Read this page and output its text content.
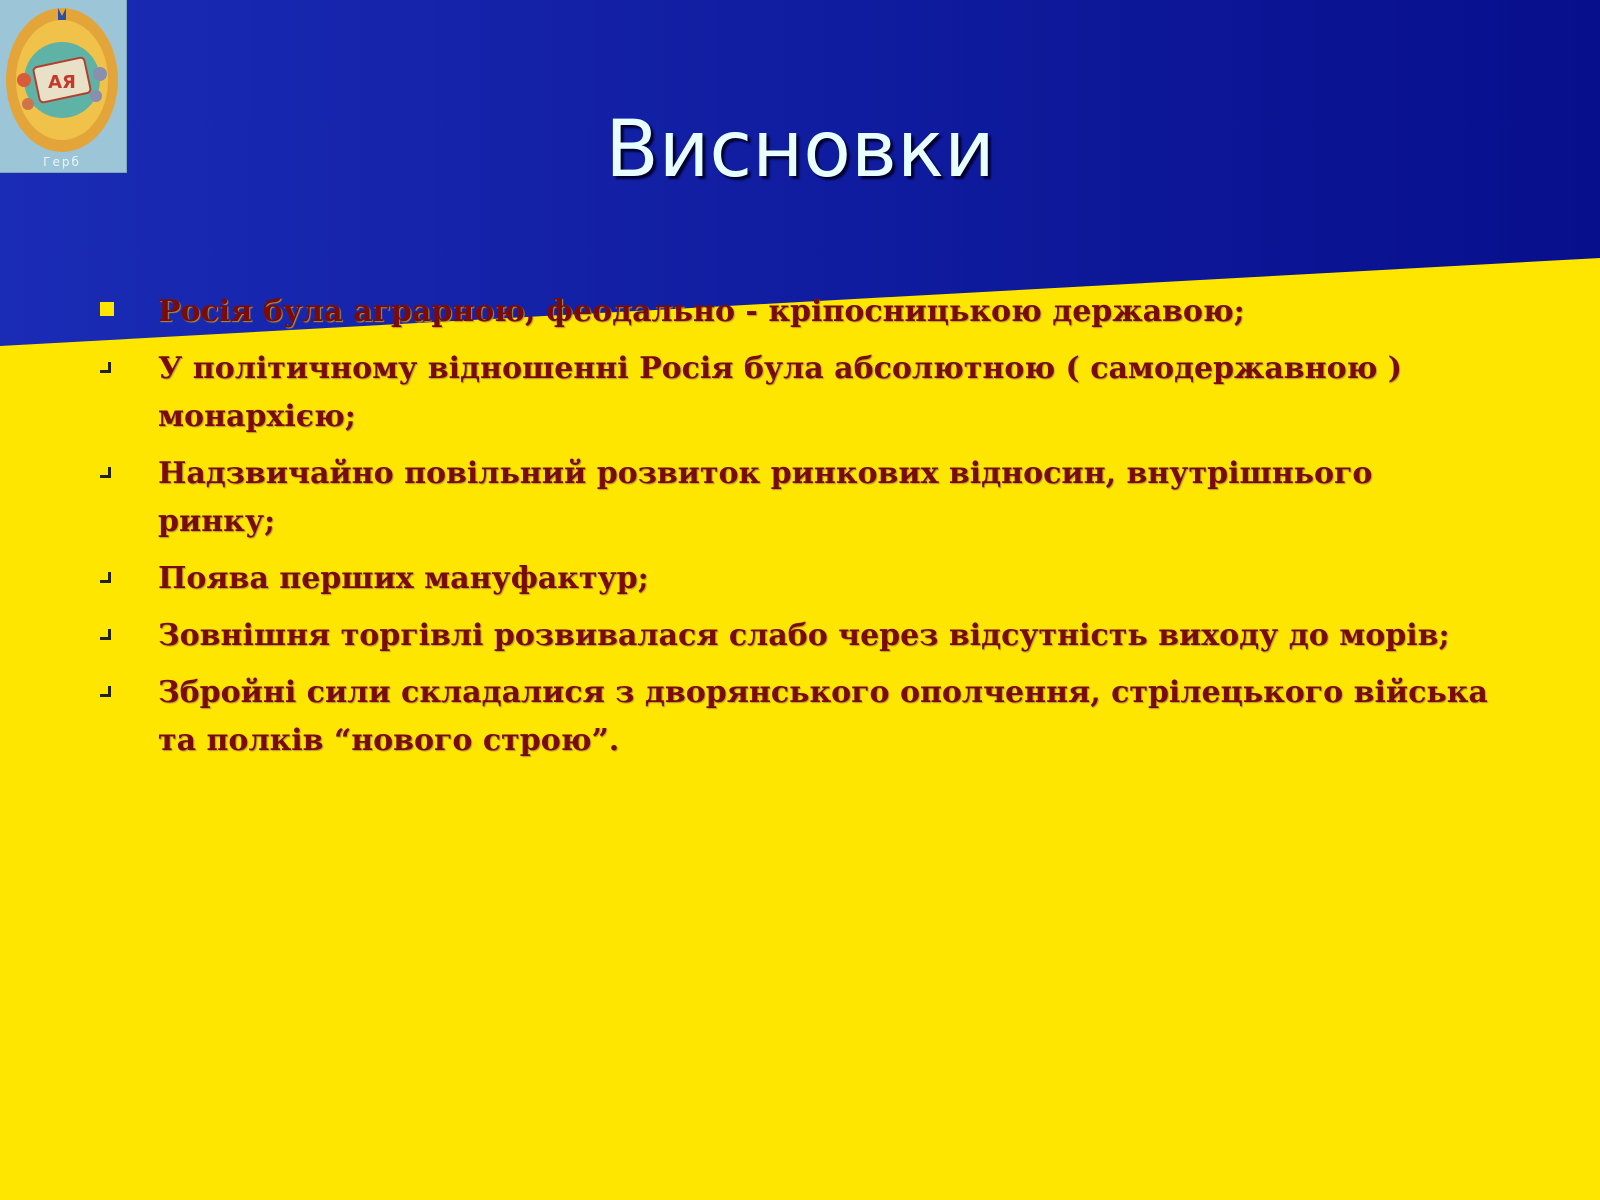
АЯ
Герб	Висновки
Росія була аграрною, феодально - кріпосницькою державою;
У політичному відношенні Росія була абсолютною ( самодержавною ) монархією;
Надзвичайно повільний розвиток ринкових відносин, внутрішнього ринку;
Поява перших мануфактур;
Зовнішня торгівлі розвивалася слабо через відсутність виходу до морів;
Збройні сили складалися з дворянського ополчення, стрілецького війська та полків “нового строю”.
